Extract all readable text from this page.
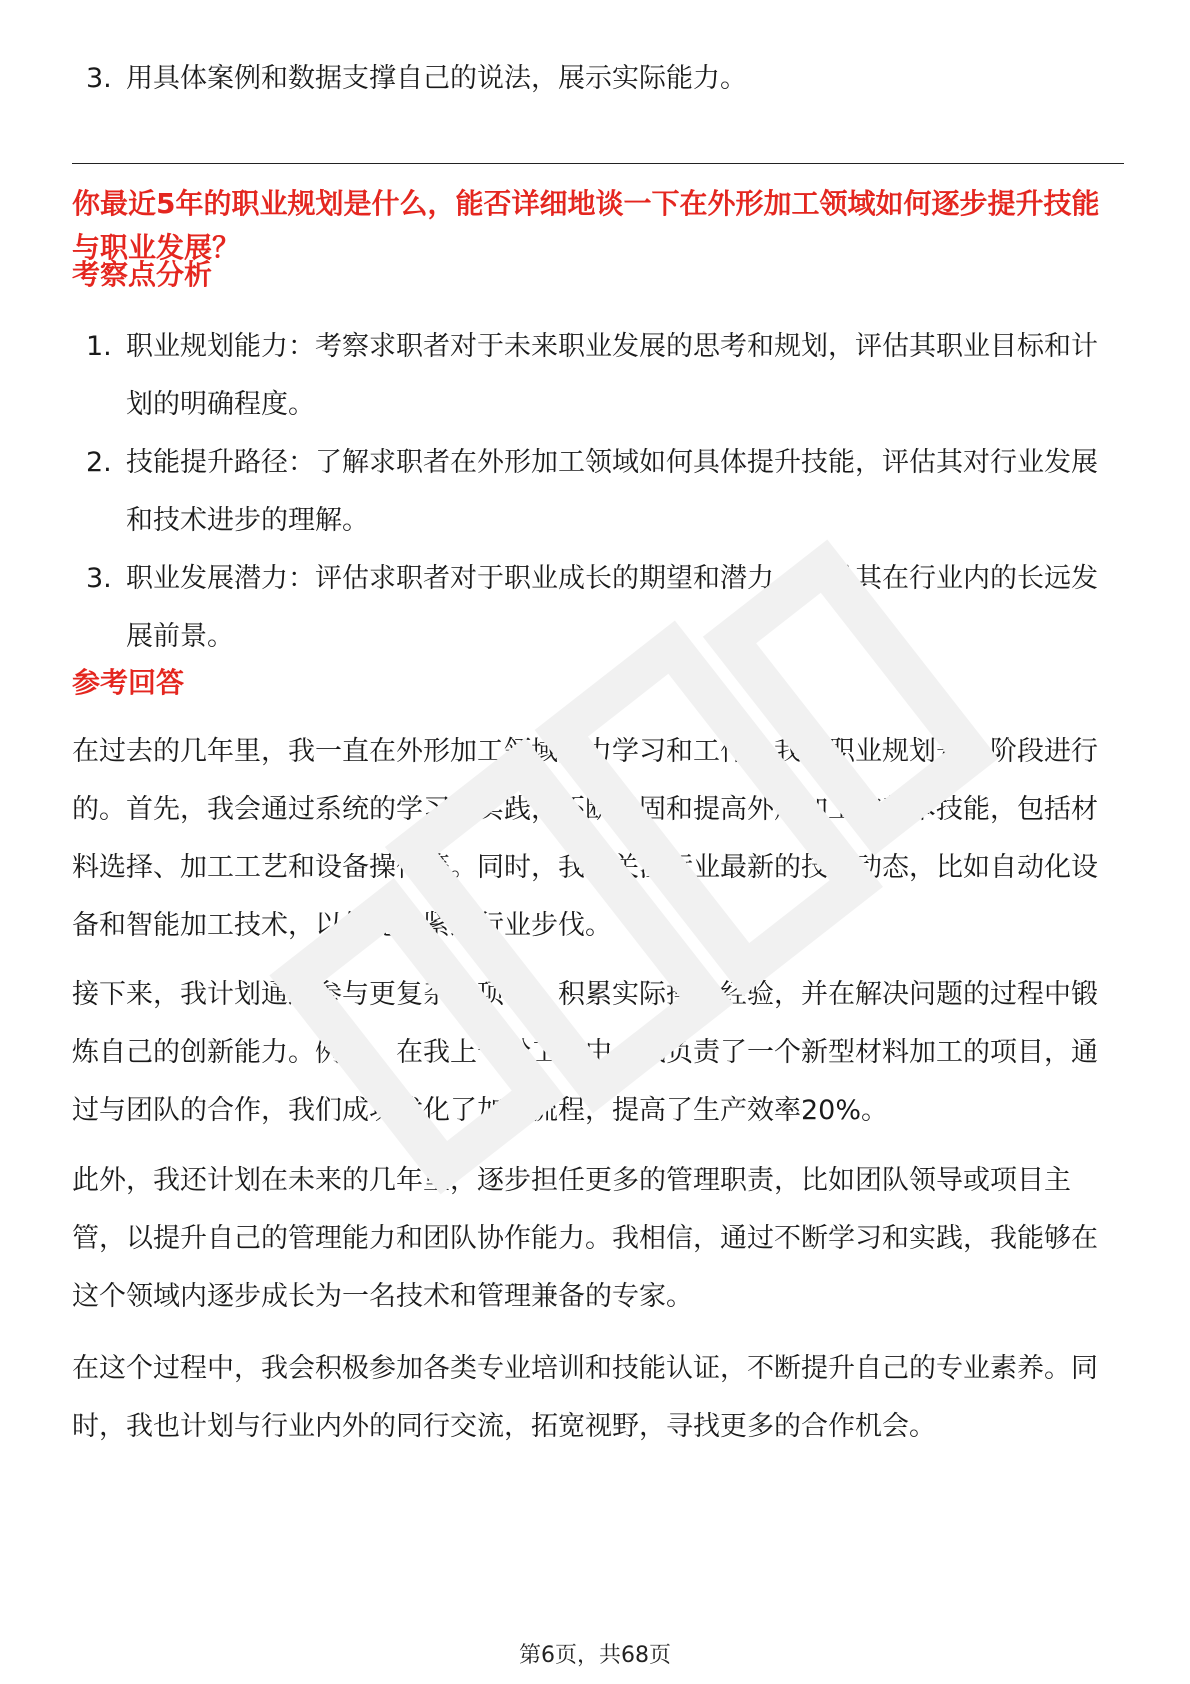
3. 用具体案例和数据支撑自己的说法，展示实际能力。
你最近5年的职业规划是什么，能否详细地谈一下在外形加工领域如何逐步提升技能与职业发展？
考察点分析
1. 职业规划能力：考察求职者对于未来职业发展的思考和规划，评估其职业目标和计划的明确程度。
2. 技能提升路径：了解求职者在外形加工领域如何具体提升技能，评估其对行业发展和技术进步的理解。
3. 职业发展潜力：评估求职者对于职业成长的期望和潜力，以及其在行业内的长远发展前景。
参考回答
在过去的几年里，我一直在外形加工领域努力学习和工作。我的职业规划是分阶段进行的。首先，我会通过系统的学习和实践，不断巩固和提高外形加工的基本技能，包括材料选择、加工工艺和设备操作等。同时，我会关注行业最新的技术动态，比如自动化设备和智能加工技术，以便能够紧跟行业步伐。
接下来，我计划通过参与更复杂的项目，积累实际操作经验，并在解决问题的过程中锻炼自己的创新能力。例如，在我上一份工作中，我负责了一个新型材料加工的项目，通过与团队的合作，我们成功优化了加工流程，提高了生产效率20%。
此外，我还计划在未来的几年里，逐步担任更多的管理职责，比如团队领导或项目主管，以提升自己的管理能力和团队协作能力。我相信，通过不断学习和实践，我能够在这个领域内逐步成长为一名技术和管理兼备的专家。
在这个过程中，我会积极参加各类专业培训和技能认证，不断提升自己的专业素养。同时，我也计划与行业内外的同行交流，拓宽视野，寻找更多的合作机会。
第6页，共68页
